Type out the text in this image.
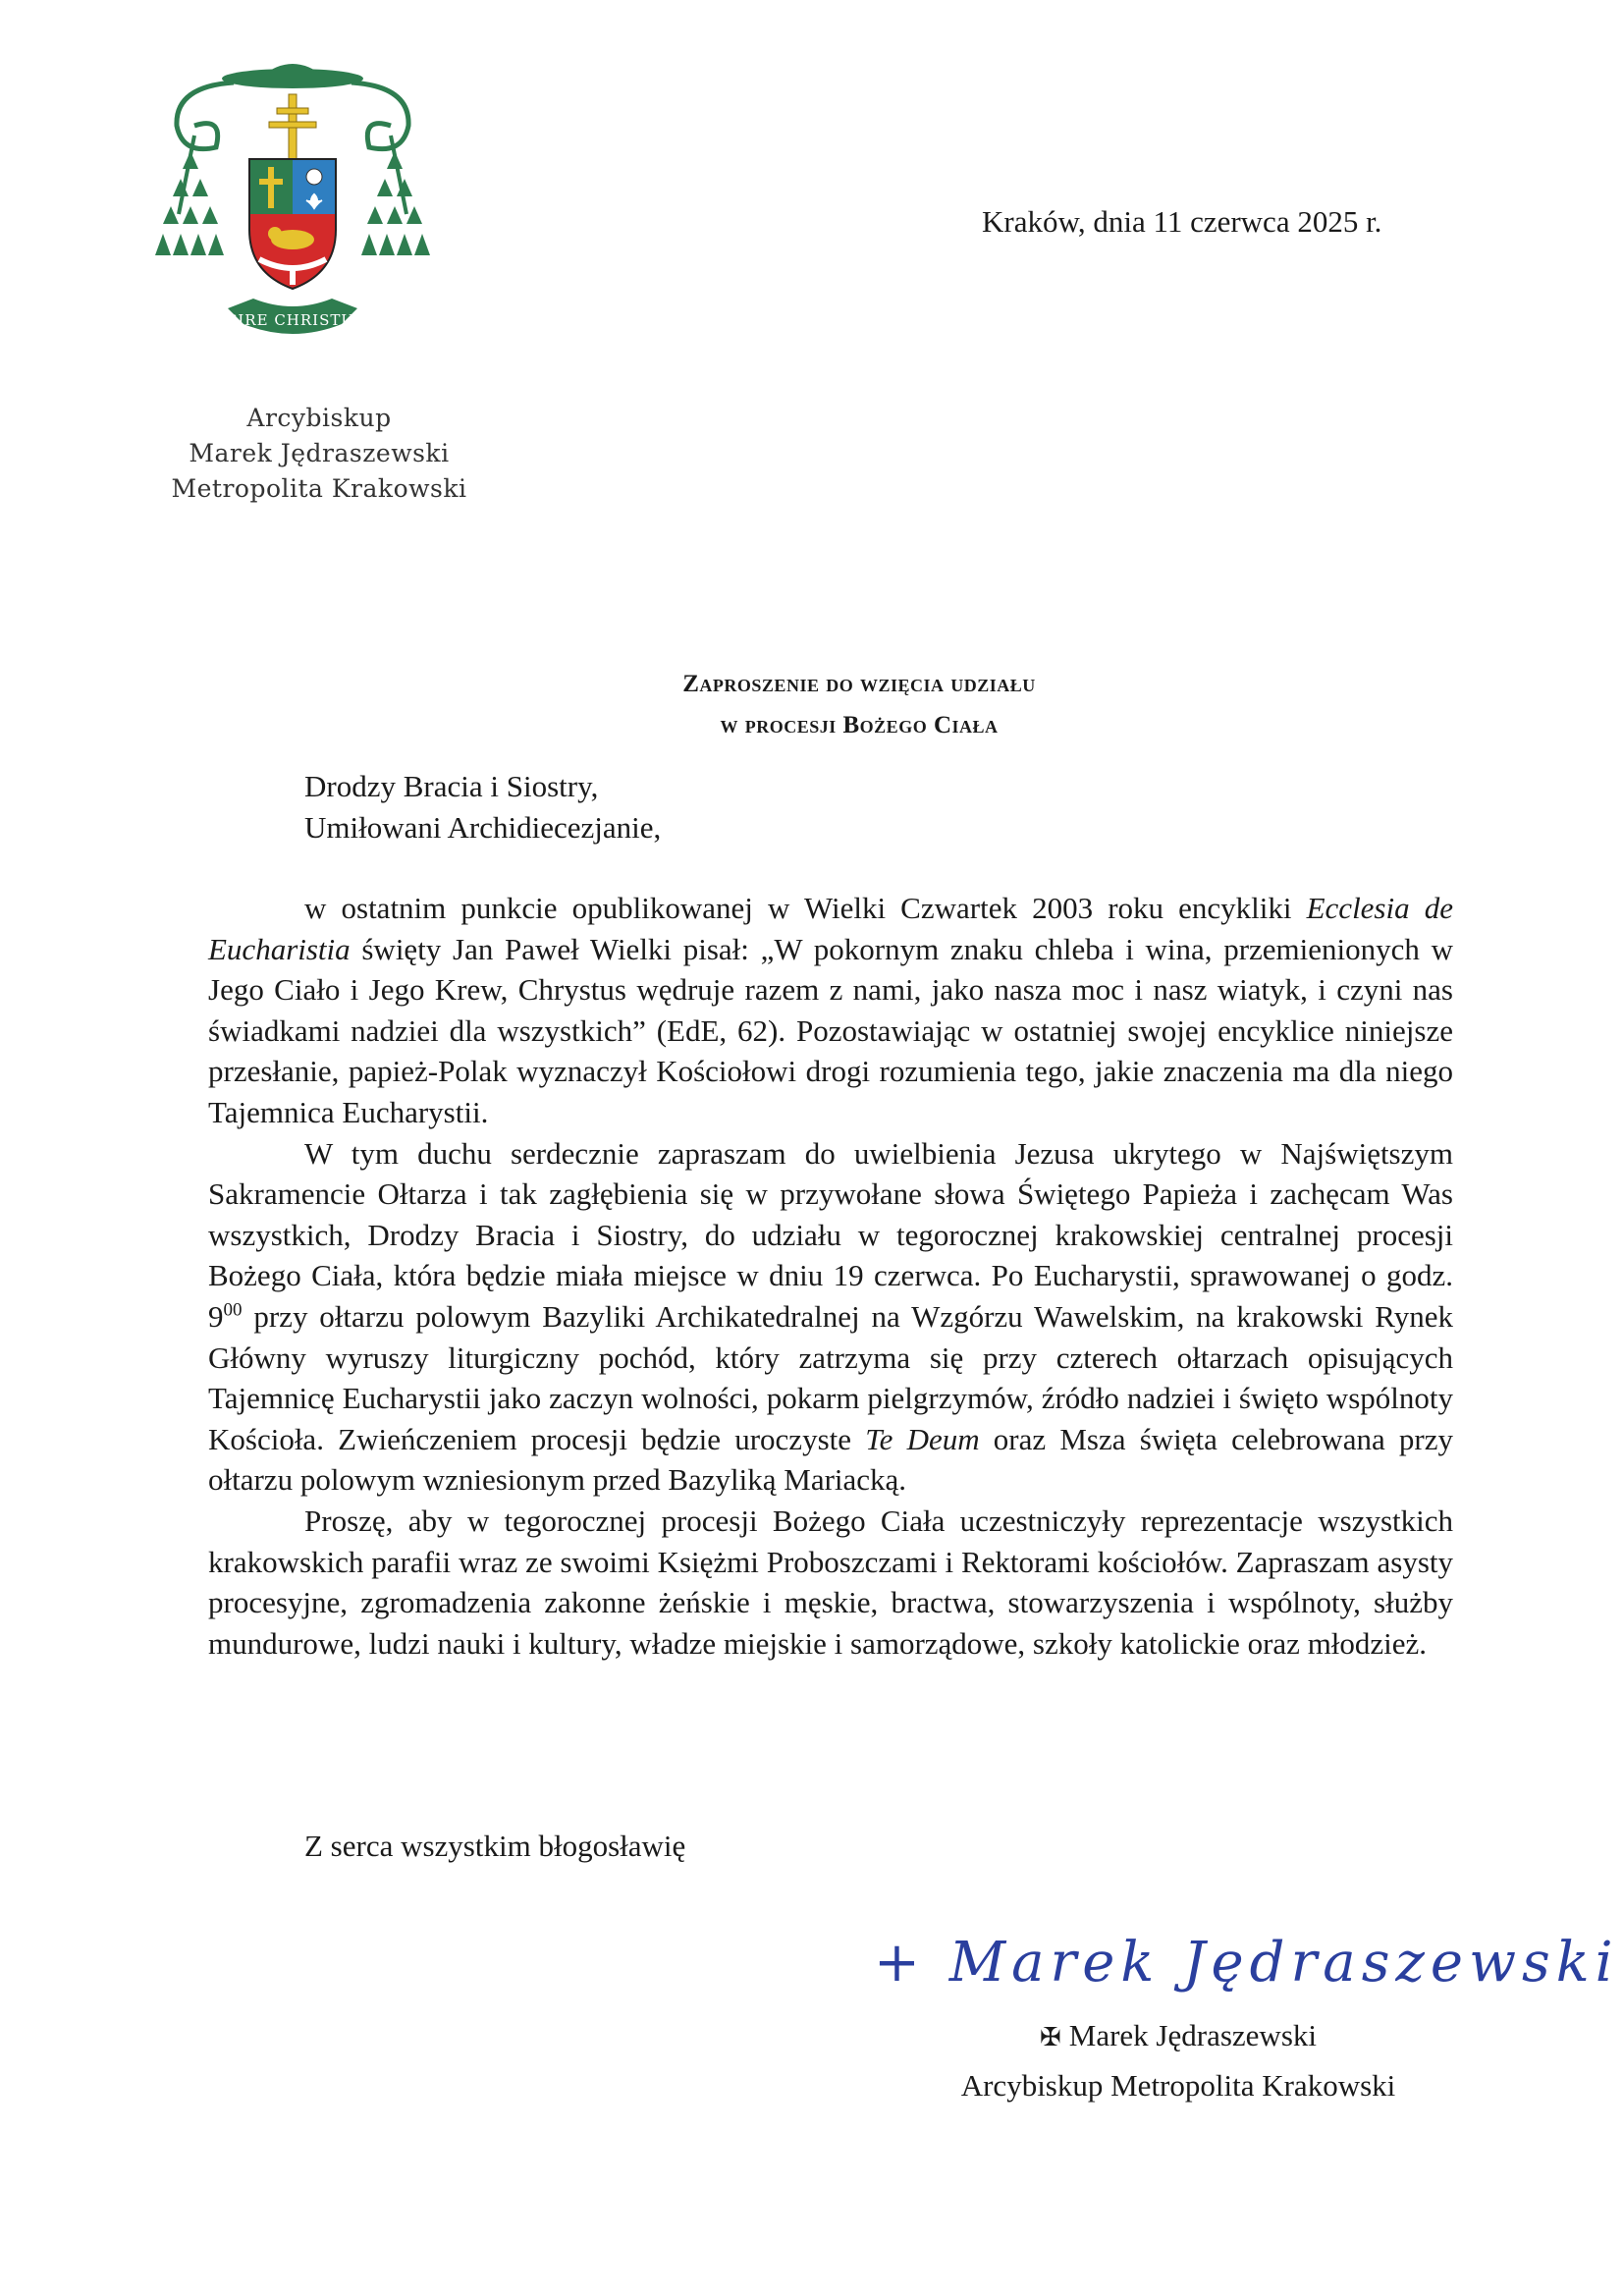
SCIRE CHRISTUM
Arcybiskup
Marek Jędraszewski
Metropolita Krakowski
Kraków, dnia 11 czerwca 2025 r.
Zaproszenie do wzięcia udziału
w procesji Bożego Ciała
Drodzy Bracia i Siostry,
Umiłowani Archidiecezjanie,

w ostatnim punkcie opublikowanej w Wielki Czwartek 2003 roku encykliki Ecclesia de Eucharistia święty Jan Paweł Wielki pisał: „W pokornym znaku chleba i wina, przemienionych w Jego Ciało i Jego Krew, Chrystus wędruje razem z nami, jako nasza moc i nasz wiatyk, i czyni nas świadkami nadziei dla wszystkich” (EdE, 62). Pozostawiając w ostatniej swojej encyklice niniejsze przesłanie, papież-Polak wyznaczył Kościołowi drogi rozumienia tego, jakie znaczenia ma dla niego Tajemnica Eucharystii.

W tym duchu serdecznie zapraszam do uwielbienia Jezusa ukrytego w Najświętszym Sakramencie Ołtarza i tak zagłębienia się w przywołane słowa Świętego Papieża i zachęcam Was wszystkich, Drodzy Bracia i Siostry, do udziału w tegorocznej krakowskiej centralnej procesji Bożego Ciała, która będzie miała miejsce w dniu 19 czerwca. Po Eucharystii, sprawowanej o godz. $9^{00}$ przy ołtarzu polowym Bazyliki Archikatedralnej na Wzgórzu Wawelskim, na krakowski Rynek Główny wyruszy liturgiczny pochód, który zatrzyma się przy czterech ołtarzach opisujących Tajemnicę Eucharystii jako zaczyn wolności, pokarm pielgrzymów, źródło nadziei i święto wspólnoty Kościoła. Zwieńczeniem procesji będzie uroczyste Te Deum oraz Msza święta celebrowana przy ołtarzu polowym wzniesionym przed Bazyliką Mariacką.

Proszę, aby w tegorocznej procesji Bożego Ciała uczestniczyły reprezentacje wszystkich krakowskich parafii wraz ze swoimi Księżmi Proboszczami i Rektorami kościołów. Zapraszam asysty procesyjne, zgromadzenia zakonne żeńskie i męskie, bractwa, stowarzyszenia i wspólnoty, służby mundurowe, ludzi nauki i kultury, władze miejskie i samorządowe, szkoły katolickie oraz młodzież.

Z serca wszystkim błogosławię
+ Marek Jędraszewski
✠ Marek Jędraszewski
Arcybiskup Metropolita Krakowski
